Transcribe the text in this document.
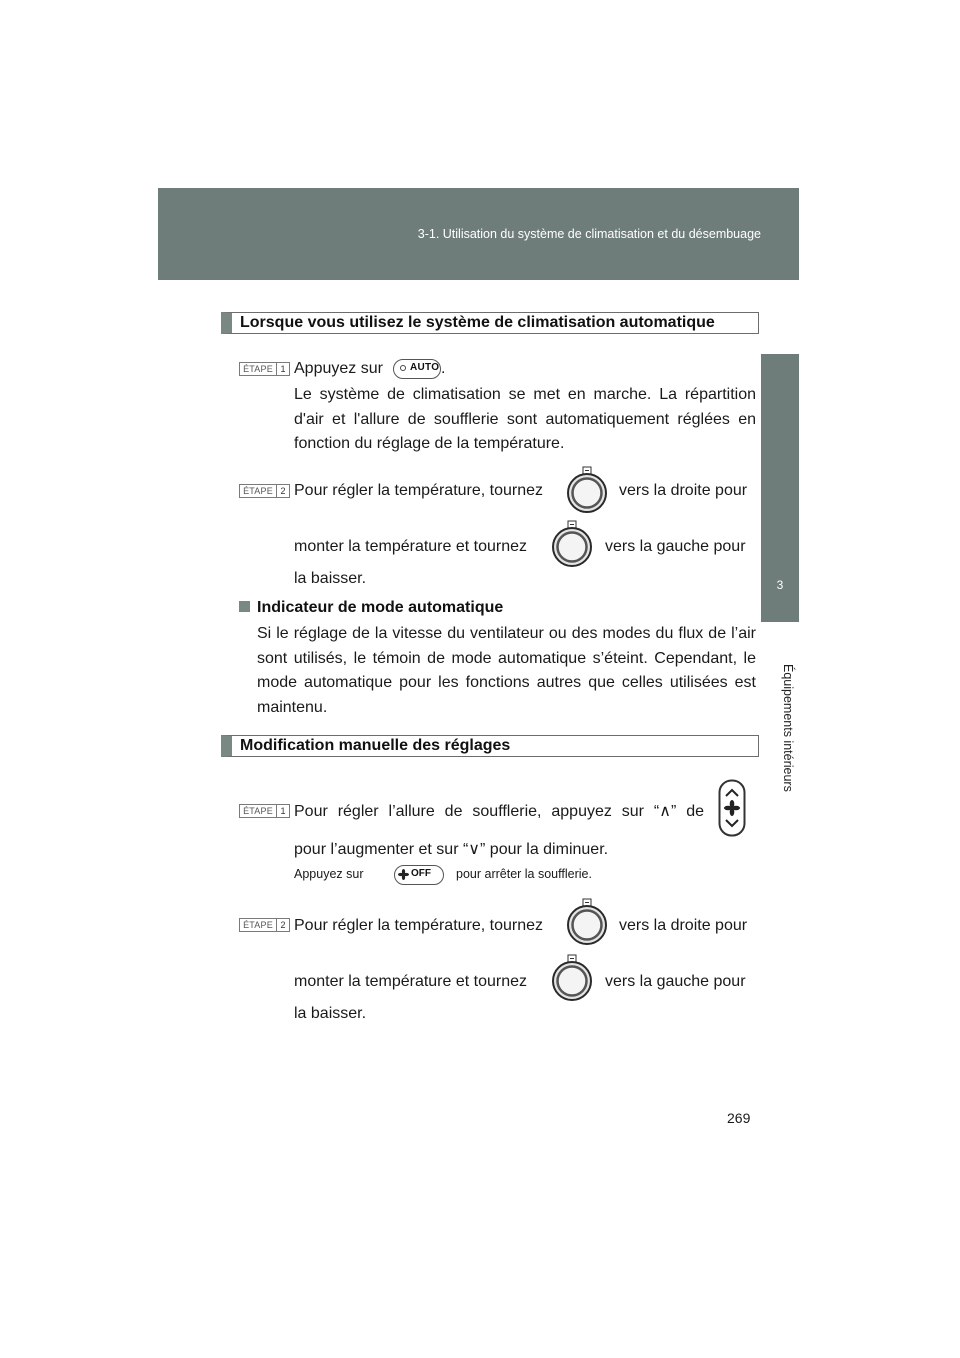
3-1. Utilisation du système de climatisation et du désembuage
3
Équipements intérieurs
Lorsque vous utilisez le système de climatisation automatique
ÉTAPE 1 Appuyez sur	AUTO .
Le système de climatisation se met en marche. La répartition d'air et l'allure de soufflerie sont automatiquement réglées en fonction du réglage de la température.
ÉTAPE 2 Pour régler la température, tournez	vers la droite pour
monter la température et tournez	vers la gauche pour
la baisser.
Indicateur de mode automatique
Si le réglage de la vitesse du ventilateur ou des modes du flux de l’air sont utilisés, le témoin de mode automatique s’éteint. Cependant, le mode automatique pour les fonctions autres que celles utilisées est maintenu.
Modification manuelle des réglages
ÉTAPE 1 Pour régler l’allure de soufflerie, appuyez sur “∧” de
pour l’augmenter et sur “∨” pour la diminuer.
Appuyez sur	OFF pour arrêter la soufflerie.
ÉTAPE 2 Pour régler la température, tournez	vers la droite pour
monter la température et tournez	vers la gauche pour
la baisser.
269
